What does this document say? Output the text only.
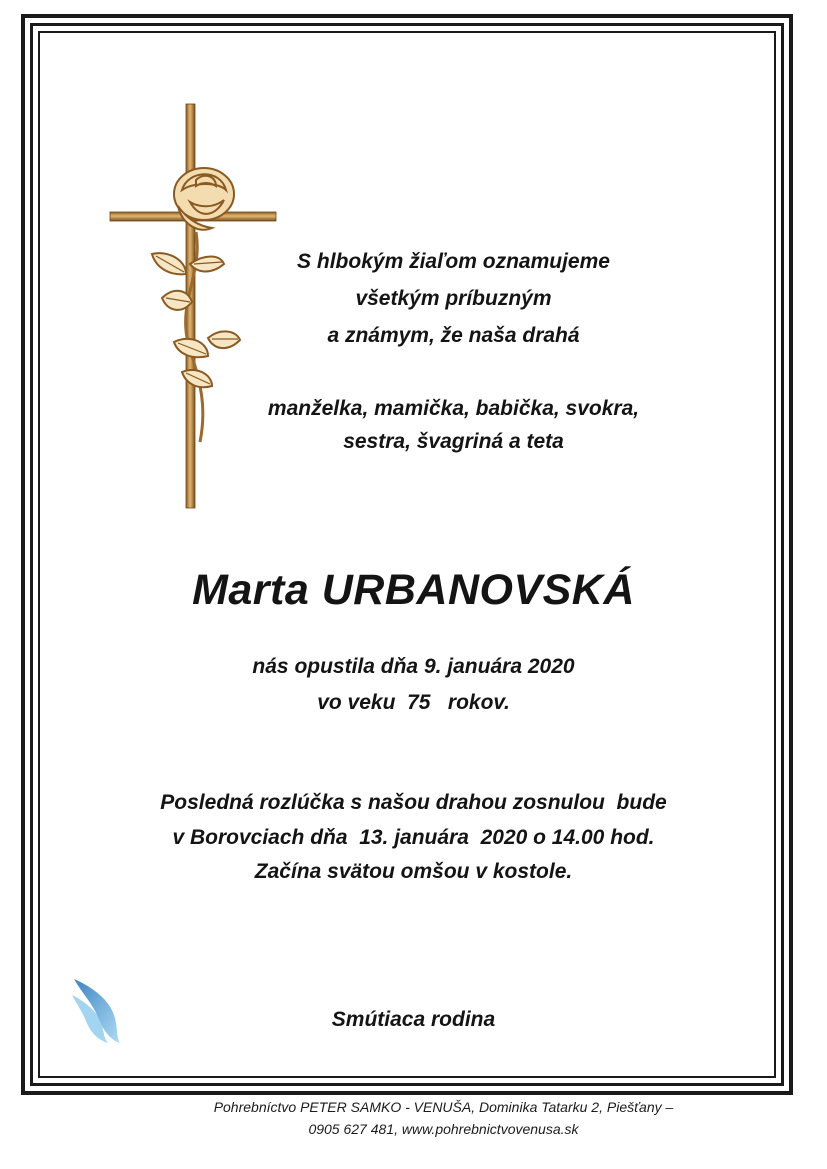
S hlbokým žiaľom oznamujeme
všetkým príbuzným
a známym, že naša drahá
manželka, mamička, babička, svokra,
sestra, švagriná a teta
Marta URBANOVSKÁ
nás opustila dňa 9. januára 2020
vo veku  75   rokov.
Posledná rozlúčka s našou drahou zosnulou  bude
v Borovciach dňa  13. januára  2020 o 14.00 hod.
Začína svätou omšou v kostole.
Smútiaca rodina
Pohrebníctvo PETER SAMKO - VENUŠA, Dominika Tatarku 2, Piešťany –
0905 627 481, www.pohrebnictvovenusa.sk
